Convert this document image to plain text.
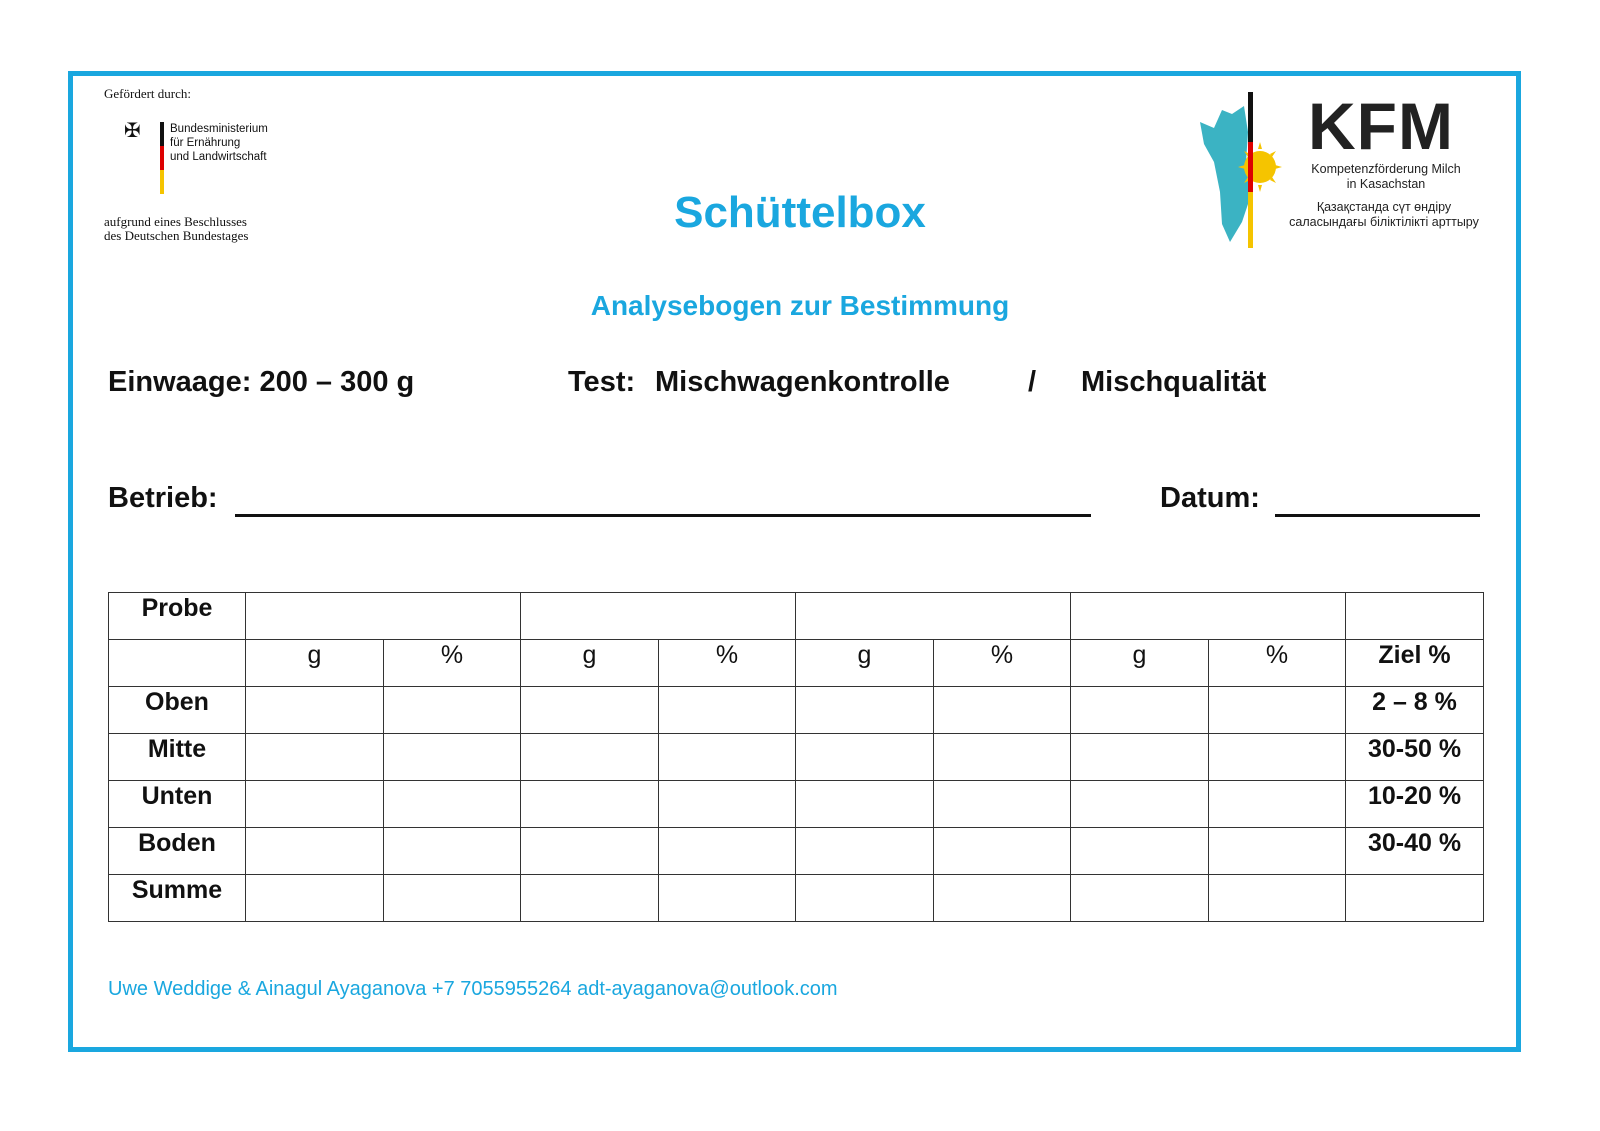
Gefördert durch:
✠	Bundesministerium
für Ernährung
und Landwirtschaft
aufgrund eines Beschlusses
des Deutschen Bundestages	Schüttelbox
Analysebogen zur Bestimmung
KFM
Kompetenzförderung Milch
in Kasachstan
Қазақстанда сүт өндіру
саласындағы біліктілікті арттыру
Einwaage: 200 – 300 g	Test: Mischwagenkontrolle	/ Mischqualität
Betrieb:	Datum:
Probe									
	g	%	g	%	g	%	g	%	Ziel %
Oben									2 – 8 %
Mitte									30-50 %
Unten									10-20 %
Boden									30-40 %
Summe									
Uwe Weddige & Ainagul Ayaganova +7 7055955264 adt-ayaganova@outlook.com
